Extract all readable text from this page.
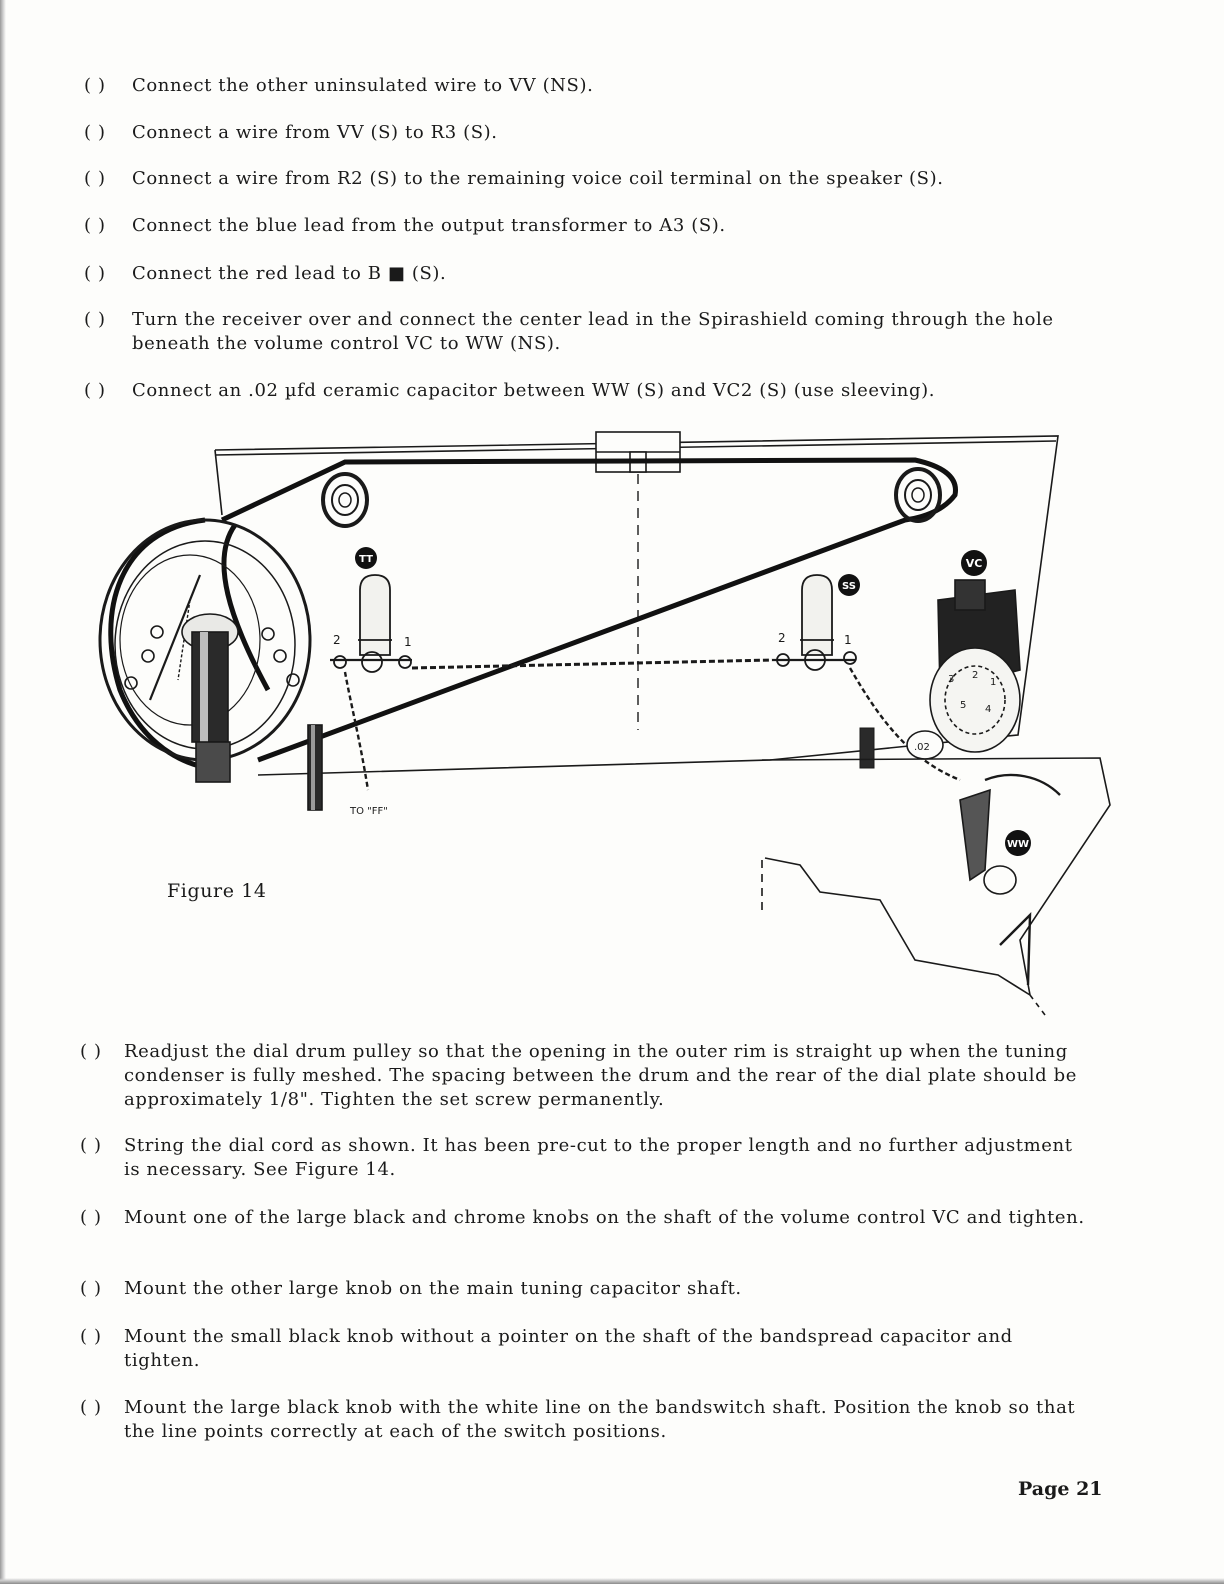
( ) Connect the other uninsulated wire to VV (NS).
( ) Connect a wire from VV (S) to R3 (S).
( ) Connect a wire from R2 (S) to the remaining voice coil terminal on the speaker (S).
( ) Connect the blue lead from the output transformer to A3 (S).
( ) Connect the red lead to B ■ (S).
( ) Turn the receiver over and connect the center lead in the Spirashield coming through the hole beneath the volume control VC to WW (NS).
( ) Connect an .02 µfd ceramic capacitor between WW (S) and VC2 (S) (use sleeving).
TT
SS
VC
WW
2	1	2	1
TO "FF"
.02
1
2
3
4
5
Figure 14
( ) Readjust the dial drum pulley so that the opening in the outer rim is straight up when the tuning condenser is fully meshed. The spacing between the drum and the rear of the dial plate should be approximately 1/8". Tighten the set screw permanently.
( ) String the dial cord as shown. It has been pre-cut to the proper length and no further adjustment is necessary. See Figure 14.
( ) Mount one of the large black and chrome knobs on the shaft of the volume control VC and tighten.
( ) Mount the other large knob on the main tuning capacitor shaft.
( ) Mount the small black knob without a pointer on the shaft of the bandspread capacitor and tighten.
( ) Mount the large black knob with the white line on the bandswitch shaft. Position the knob so that the line points correctly at each of the switch positions.
Page 21
